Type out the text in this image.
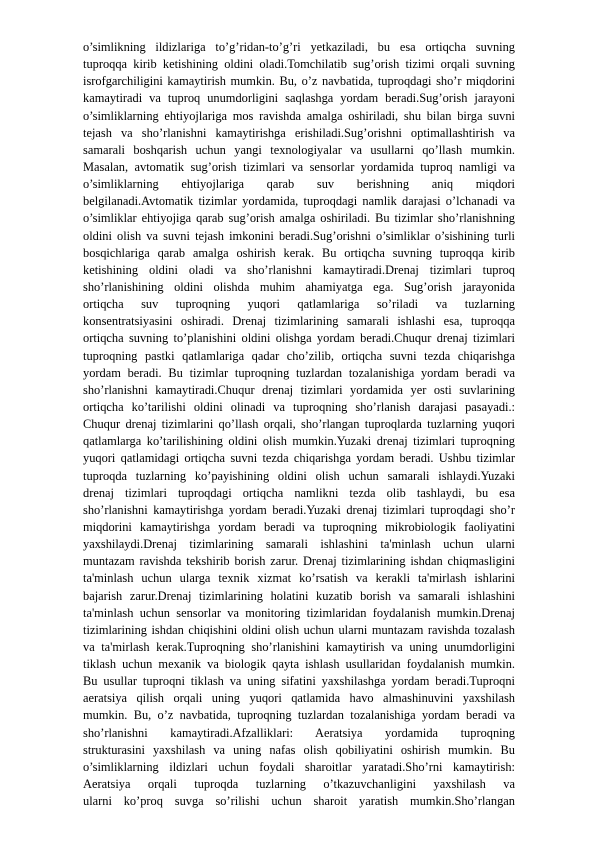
o’simlikning ildizlariga to’g’ridan-to’g’ri yetkaziladi, bu esa ortiqcha suvning
tuproqqa kirib ketishining oldini oladi.Tomchilatib sug’orish tizimi orqali suvning
isrofgarchiligini kamaytirish mumkin. Bu, o’z navbatida, tuproqdagi sho’r miqdorini
kamaytiradi va tuproq unumdorligini saqlashga yordam beradi.Sug’orish jarayoni
o’simliklarning ehtiyojlariga mos ravishda amalga oshiriladi, shu bilan birga suvni
tejash va sho’rlanishni kamaytirishga erishiladi.Sug’orishni optimallashtirish va
samarali boshqarish uchun yangi texnologiyalar va usullarni qo’llash mumkin.
Masalan, avtomatik sug’orish tizimlari va sensorlar yordamida tuproq namligi va
o’simliklarning ehtiyojlariga qarab suv berishning aniq miqdori
belgilanadi.Avtomatik tizimlar yordamida, tuproqdagi namlik darajasi o’lchanadi va
o’simliklar ehtiyojiga qarab sug’orish amalga oshiriladi. Bu tizimlar sho’rlanishning
oldini olish va suvni tejash imkonini beradi.Sug’orishni o’simliklar o’sishining turli
bosqichlariga qarab amalga oshirish kerak. Bu ortiqcha suvning tuproqqa kirib
ketishining oldini oladi va sho’rlanishni kamaytiradi.Drenaj tizimlari tuproq
sho’rlanishining oldini olishda muhim ahamiyatga ega. Sug’orish jarayonida
ortiqcha suv tuproqning yuqori qatlamlariga so’riladi va tuzlarning
konsentratsiyasini oshiradi. Drenaj tizimlarining samarali ishlashi esa, tuproqqa
ortiqcha suvning to’planishini oldini olishga yordam beradi.Chuqur drenaj tizimlari
tuproqning pastki qatlamlariga qadar cho’zilib, ortiqcha suvni tezda chiqarishga
yordam beradi. Bu tizimlar tuproqning tuzlardan tozalanishiga yordam beradi va
sho’rlanishni kamaytiradi.Chuqur drenaj tizimlari yordamida yer osti suvlarining
ortiqcha ko’tarilishi oldini olinadi va tuproqning sho’rlanish darajasi pasayadi.:
Chuqur drenaj tizimlarini qo’llash orqali, sho’rlangan tuproqlarda tuzlarning yuqori
qatlamlarga ko’tarilishining oldini olish mumkin.Yuzaki drenaj tizimlari tuproqning
yuqori qatlamidagi ortiqcha suvni tezda chiqarishga yordam beradi. Ushbu tizimlar
tuproqda tuzlarning ko’payishining oldini olish uchun samarali ishlaydi.Yuzaki
drenaj tizimlari tuproqdagi ortiqcha namlikni tezda olib tashlaydi, bu esa
sho’rlanishni kamaytirishga yordam beradi.Yuzaki drenaj tizimlari tuproqdagi sho’r
miqdorini kamaytirishga yordam beradi va tuproqning mikrobiologik faoliyatini
yaxshilaydi.Drenaj tizimlarining samarali ishlashini ta'minlash uchun ularni
muntazam ravishda tekshirib borish zarur. Drenaj tizimlarining ishdan chiqmasligini
ta'minlash uchun ularga texnik xizmat ko’rsatish va kerakli ta'mirlash ishlarini
bajarish zarur.Drenaj tizimlarining holatini kuzatib borish va samarali ishlashini
ta'minlash uchun sensorlar va monitoring tizimlaridan foydalanish mumkin.Drenaj
tizimlarining ishdan chiqishini oldini olish uchun ularni muntazam ravishda tozalash
va ta'mirlash kerak.Tuproqning sho’rlanishini kamaytirish va uning unumdorligini
tiklash uchun mexanik va biologik qayta ishlash usullaridan foydalanish mumkin.
Bu usullar tuproqni tiklash va uning sifatini yaxshilashga yordam beradi.Tuproqni
aeratsiya qilish orqali uning yuqori qatlamida havo almashinuvini yaxshilash
mumkin. Bu, o’z navbatida, tuproqning tuzlardan tozalanishiga yordam beradi va
sho’rlanishni kamaytiradi.Afzalliklari: Aeratsiya yordamida tuproqning
strukturasini yaxshilash va uning nafas olish qobiliyatini oshirish mumkin. Bu
o’simliklarning ildizlari uchun foydali sharoitlar yaratadi.Sho’rni kamaytirish:
Aeratsiya orqali tuproqda tuzlarning o’tkazuvchanligini yaxshilash va
ularni ko’proq suvga so’rilishi uchun sharoit yaratish mumkin.Sho’rlangan
